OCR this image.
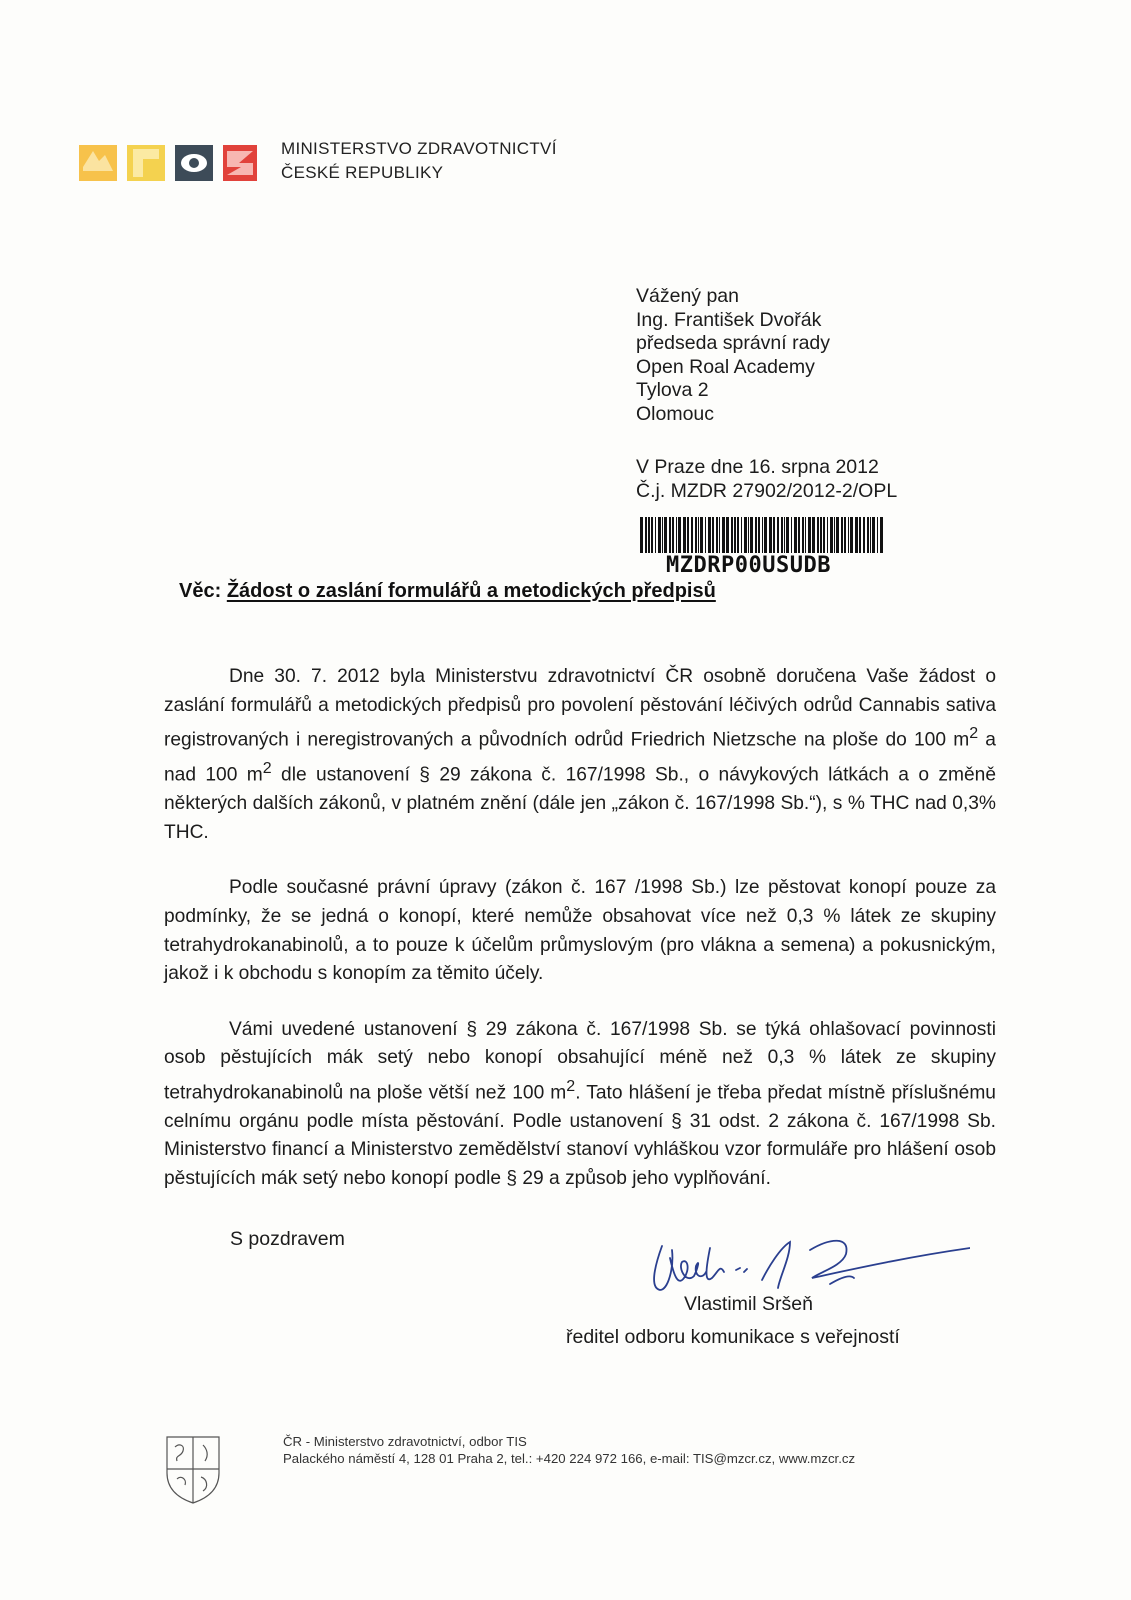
MINISTERSTVO ZDRAVOTNICTVÍ
ČESKÉ REPUBLIKY
Vážený pan
Ing. František Dvořák
předseda správní rady
Open Roal Academy
Tylova 2
Olomouc
V Praze dne 16. srpna 2012
Č.j. MZDR 27902/2012-2/OPL
MZDRP00USUDB
Věc: Žádost o zaslání formulářů a metodických předpisů

Dne 30. 7. 2012 byla Ministerstvu zdravotnictví ČR osobně doručena Vaše žádost o zaslání formulářů a metodických předpisů pro povolení pěstování léčivých odrůd Cannabis sativa registrovaných i neregistrovaných a původních odrůd Friedrich Nietzsche na ploše do 100 $m^2$ a nad 100 $m^2$ dle ustanovení § 29 zákona č. 167/1998 Sb., o návykových látkách a o změně některých dalších zákonů, v platném znění (dále jen „zákon č. 167/1998 Sb.“), s % THC nad 0,3% THC.

Podle současné právní úpravy (zákon č. 167 /1998 Sb.) lze pěstovat konopí pouze za podmínky, že se jedná o konopí, které nemůže obsahovat více než 0,3 % látek ze skupiny tetrahydrokanabinolů, a to pouze k účelům průmyslovým (pro vlákna a semena) a pokusnickým, jakož i k obchodu s konopím za těmito účely.

Vámi uvedené ustanovení § 29 zákona č. 167/1998 Sb. se týká ohlašovací povinnosti osob pěstujících mák setý nebo konopí obsahující méně než 0,3 % látek ze skupiny tetrahydrokanabinolů na ploše větší než 100 $m^2$. Tato hlášení je třeba předat místně příslušnému celnímu orgánu podle místa pěstování. Podle ustanovení § 31 odst. 2 zákona č. 167/1998 Sb. Ministerstvo financí a Ministerstvo zemědělství stanoví vyhláškou vzor formuláře pro hlášení osob pěstujících mák setý nebo konopí podle § 29 a způsob jeho vyplňování.

S pozdravem
Vlastimil Sršeň
ředitel odboru komunikace s veřejností
ČR - Ministerstvo zdravotnictví, odbor TIS
Palackého náměstí 4, 128 01 Praha 2, tel.: +420 224 972 166, e-mail: TIS@mzcr.cz, www.mzcr.cz
